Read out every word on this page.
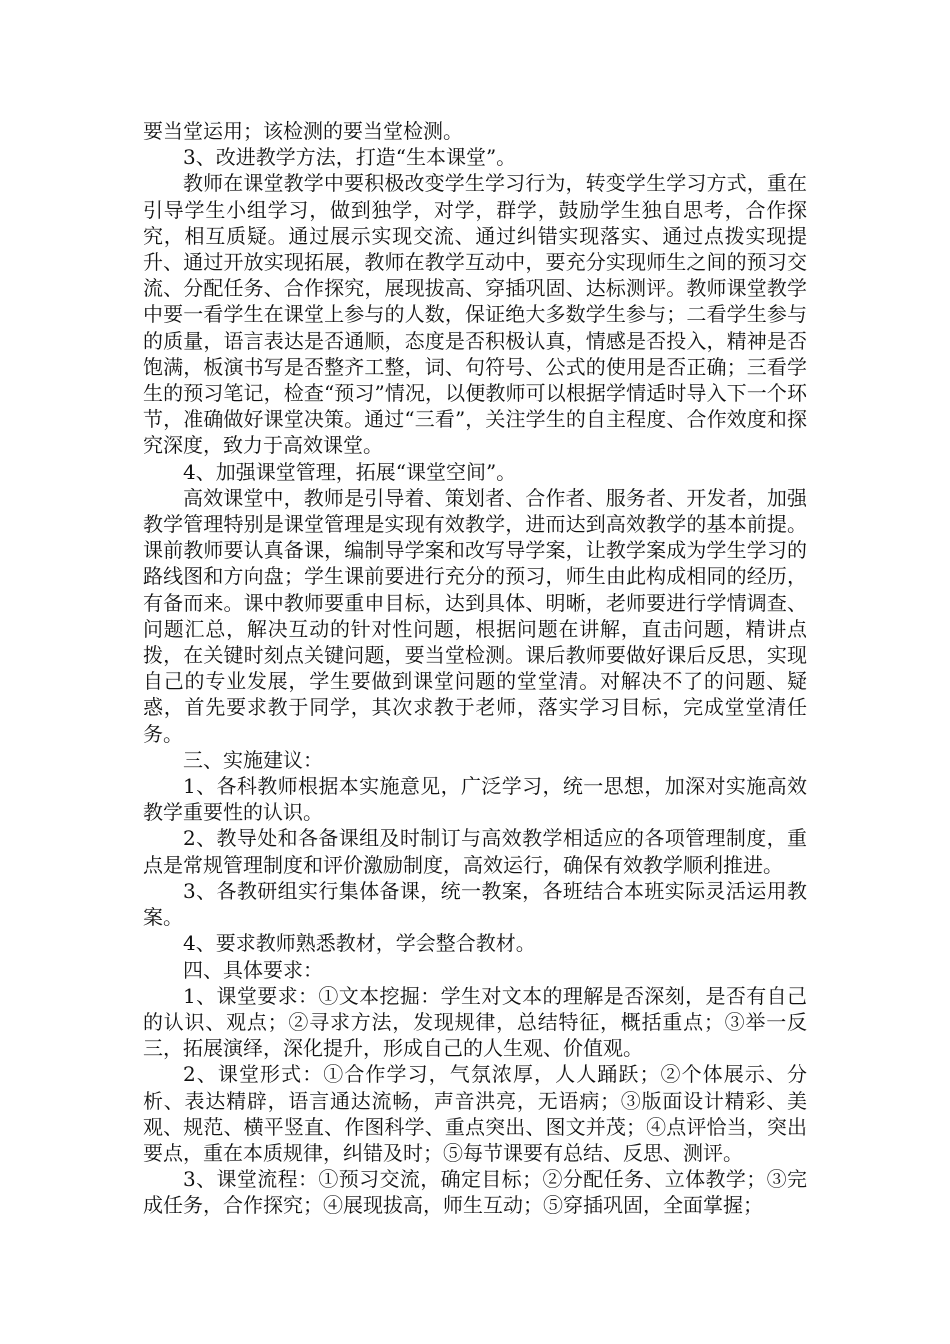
要当堂运用；该检测的要当堂检测。

3、改进教学方法，打造“生本课堂”。

教师在课堂教学中要积极改变学生学习行为，转变学生学习方式，重在引导学生小组学习，做到独学，对学，群学，鼓励学生独自思考，合作探究，相互质疑。通过展示实现交流、通过纠错实现落实、通过点拨实现提升、通过开放实现拓展，教师在教学互动中，要充分实现师生之间的预习交流、分配任务、合作探究，展现拔高、穿插巩固、达标测评。教师课堂教学中要一看学生在课堂上参与的人数，保证绝大多数学生参与；二看学生参与的质量，语言表达是否通顺，态度是否积极认真，情感是否投入，精神是否饱满，板演书写是否整齐工整，词、句符号、公式的使用是否正确；三看学生的预习笔记，检查“预习”情况，以便教师可以根据学情适时导入下一个环节，准确做好课堂决策。通过“三看”，关注学生的自主程度、合作效度和探究深度，致力于高效课堂。

4、加强课堂管理，拓展“课堂空间”。

高效课堂中，教师是引导着、策划者、合作者、服务者、开发者，加强教学管理特别是课堂管理是实现有效教学，进而达到高效教学的基本前提。课前教师要认真备课，编制导学案和改写导学案，让教学案成为学生学习的路线图和方向盘；学生课前要进行充分的预习，师生由此构成相同的经历，有备而来。课中教师要重申目标，达到具体、明晰，老师要进行学情调查、问题汇总，解决互动的针对性问题，根据问题在讲解，直击问题，精讲点拨，在关键时刻点关键问题，要当堂检测。课后教师要做好课后反思，实现自己的专业发展，学生要做到课堂问题的堂堂清。对解决不了的问题、疑惑，首先要求教于同学，其次求教于老师，落实学习目标，完成堂堂清任务。

三、实施建议：

1、各科教师根据本实施意见，广泛学习，统一思想，加深对实施高效教学重要性的认识。

2、教导处和各备课组及时制订与高效教学相适应的各项管理制度，重点是常规管理制度和评价激励制度，高效运行，确保有效教学顺利推进。

3、各教研组实行集体备课，统一教案，各班结合本班实际灵活运用教案。

4、要求教师熟悉教材，学会整合教材。

四、具体要求：

1、课堂要求：①文本挖掘：学生对文本的理解是否深刻，是否有自己的认识、观点；②寻求方法，发现规律，总结特征，概括重点；③举一反三，拓展演绎，深化提升，形成自己的人生观、价值观。

2、课堂形式：①合作学习，气氛浓厚，人人踊跃；②个体展示、分析、表达精辟，语言通达流畅，声音洪亮，无语病；③版面设计精彩、美观、规范、横平竖直、作图科学、重点突出、图文并茂；④点评恰当，突出要点，重在本质规律，纠错及时；⑤每节课要有总结、反思、测评。

3、课堂流程：①预习交流，确定目标；②分配任务、立体教学；③完成任务，合作探究；④展现拔高，师生互动；⑤穿插巩固，全面掌握；
